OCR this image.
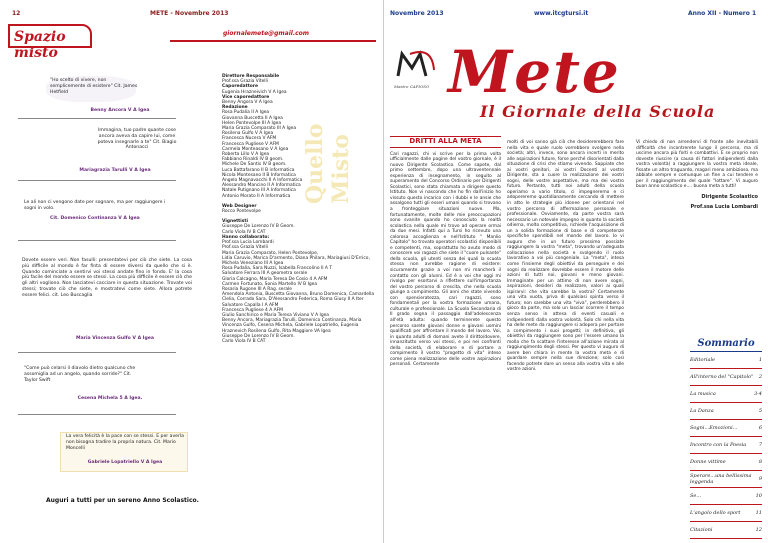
12	METE - Novembre 2013
Spazio misto
giornalemete@gmail.com
"Ho scelto di vivere, non semplicemente di esistere" Cit. James Hetfield
Benny Ancora V A Igea
Immagina, tuo padre quante cose ancora aveva da capire lui, come poteva insegnarle a te" Cit. Biagio Antonacci
Mariagrazia Tarulli V A Igea
Le ali non ci vengono date per sognare, ma per raggiungere i sogni in volo.
Cit. Domenico Continanza V A Igea
Dovete essere veri. Non fasulli: presentatevi per ciò che siete. La cosa più difficile al mondo è far finta di essere diversi da quello che si è. Quando cominciate a sentirvi voi stessi andate fino in fondo. E' la cosa più facile del mondo essere se stessi. La cosa più difficile è essere ciò che gli altri vogliono. Non lasciatevi cacciare in questa situazione. Trovate voi stessi; trovate ciò che siete, e mostratevi come siete. Allora potrete essere felici. cit. Leo Buscaglia
Maria Vincenza Gulfo V A Igea
"Come può celarsi il diavolo dietro qualcuno che assomiglia ad un angelo, quando sorride?" Cit. Taylor Swift
Cesena Michela 5 A Igea.
La vera felicità è la pace con se stessi. E per averla non bisogna tradire la propria natura. Cit. Mario Moncelli
Gabriele Lopatriello V A Igea
Direttore Responsabile
Prof.ssa Grazia Vitelli
Caporedattore
Eugenia Hrazneivich V A Igea
Vice caporedattore
Benny Angora V A Igea
Redazione
Rosa Pudalia II A Igea
Giovanna Buscetta II A Igea
Helen Pontevolpe III A Igea
Maria Grazia Comparato III A Igea
Rosilena Gulfo V A Igea
Francesca Nucera V AFM
Francesca Pugliese V AFM
Carmela Monteasano V A Igea
Roberta Lillo V A Igea
Fabbiano Rinaldi IV B geom.
Michele De Santis IV B geom.
Luca Battafarano II B informatica
Nicola Montesano II B Informatica
Angelo Magnavacchi II A Informatica
Alessandro Mancino II A Informatica
Natale Putignano III A Informatica
Antonio Morato II A Informatica
Web Designer
Rocco Pontevolpe
Vignettisti
Giuseppe De Lorenzo IV B Geom.
Carlo Viola IV B CAT
Hanno collaborato:
Prof.ssa Lucia Lombardi
Prof.ssa Grazia Vitelli
Maria Grazia Comparato, Helen Pontevolpe,
Lidia Caruvio, Marica D'armento, Diana Philara, Mariagiusi D'Errico, Michela Veneziano III A Igea
Rosa Pudalia, Sara Nuzzi, Isabella Francolino II A T
Salvatore Ferrara III A geometra serale
Gloria Calcagno, Maria Teresa De Cosio 4 A AFM
Carmen Fortunato, Sonia Martello IV B Igea
Rosaria Rugone III A Rag. serale
Amendola Antonia, Buscetta Giovanna, Bruno Domenica, Camardella Clelia, Corrado Sara, D'Alessandro Federica, Roma Giusy II A Iter
Salvatore Capalla I A AFM
Francesca Pugliese 4 A AFM
Giulio Sanchirico e Maria Teresa Viviano V A Igea
Benny Ancora, Mariagrazia Tarulli, Domenico Continanza, Maria Vincenza Gulfo, Cesena Michela, Gabriele Lopatriello, Eugenia Hraznevich Rosilena Gulfo, Rita Maggiore VA Igea
Giuseppe De Lorenzo IV B Geom.
Carlo Viola IV B CAT
Quello Misto
Auguri a tutti per un sereno Anno Scolastico.
Novembre 2013	www.itcgtursi.it	Anno XII - Numero 1
Mastro CAPIOSO Mete
Il Giornale della Scuola
DRITTI ALLA META
Cari ragazzi, chi vi scrive per la prima volta ufficialmente dalle pagine del vostro giornale, è il nuovo Dirigente Scolastico. Come sapete, dal primo settembre, dopo una ultraventennale esperienza di insegnamento, in seguito al superamento del Concorso Ordinario per Dirigenti Scolastici, sono stata chiamata a dirigere questo Istituto. Non vi nascondo che ho fin dall'inizio ho vissuto questo incarico con i dubbi e le ansie che assalgono tutti gli esseri umani quando si trovano a fronteggiare situazioni nuove. Ma, fortunatamente, molte delle mie preoccupazioni sono svanite quando ho conosciuto la realtà scolastica nella quale mi trovo ad operare ormai da due mesi. Infatti qui a Tursi ho ricevuto una calorosa accoglienza e nell'Istituto " Manlio Capitolo" ho trovato operatori scolastici disponibili e competenti, ma, soprattutto ho avuto modo di conoscere voi ragazzi che siete il "cuore pulsante" della scuola, gli utenti senza dei quali la scuola stessa non avrebbe ragione di esistere: sicuramente grazie a voi non mi mancherà il contatto con gli alunni. Ed è a voi che oggi mi rivolgo per esortarvi a riflettere sull'importanza del vostro percorso di crescita, che nella scuola giunge a compimento. Gli anni che state vivendo con spensieratezza, cari ragazzi, sono fondamentali per la vostra formazione umana, culturale e professionale. La Scuola Secondaria di II grado segna il passaggio dall'adolescenza all'età adulta: quando terminerete questo percorso sarete giovani donne e giovani uomini qualificati per affrontare il mondo del lavoro. Voi, in quanto adulti di domani avete il diritto/dovere, innanzitutto verso voi stessi, e poi nei confronti della società, di elaborare e di portare a compimento il vostro "progetto di vita" inteso come piena realizzazione delle vostre aspirazioni personali. Certamente
molti di voi sanno già ciò che desidererebbero fare nella vita e quale ruolo vorrebbero svolgere nella società; altri, invece, sono ancora incerti in merito alle aspirazioni future, forse perché disorientati dalla situazione di crisi che stiamo vivendo. Sappiate che ai vostri genitori, ai vostri Docenti al vostro Dirigente, sta a cuore la realizzazione dei vostri sogni, delle vostre aspettative, ma ma dei vostro futuro. Pertanto, tutti noi adulti della scuola operiamo a vario titolo, ci impegneremo e ci adopereremo quotidianamente cercando di mettere in atto le strategie più idonee per orientarvi nel vostro percorso di affermazione personale e professionale. Ovviamente, da parte vostra sarà necessario un notevole impegno in quanto la società odierna, molto competitiva, richiede l'acquisizione di un a solida formazione di base e di competenze specifiche spendibili nel mondo del lavoro. Io vi auguro che in un futuro prossimo possiate raggiungere la vostra "meta", trovando un'adeguata collocazione nella società e svolgendo il ruolo lavorativo a voi più congeniale. La "meta", intesa come l'insieme degli obiettivi da perseguire e dei sogni da realizzare dovrebbe essere il motore delle azioni di tutti noi, giovani e meno giovani. Immaginate per un attimo di non avere sogni, aspirazioni, desideri da realizzare, valori ai quali ispirarvi: che vita sarebbe la vostra? Certamente una vita vuota, priva di qualsiasi spinta verso il futuro; non sarebbe una vita "viva", perderebbero il gioco da parte, ma solo un lasciar scorrere il tempo senza senso in attesa di eventi casuali e indipendenti dalla vostra volontà. Solo chi nella vita ha delle mete da raggiungere si adopera per portare a compimento i suoi progetti; in definitiva, gli obiettivi da raggiungere sono per l'essere umano la molla che fa scattare l'interesse all'azione mirata al raggiungimento degli stessi. Per questo vi auguro di avere ben chiara in mente la vostra meta e di guardare sempre nella sue direzione; solo così facendo potrete dare un senso alla vostra vita e alle vostre azioni.
Vi chiedo di non arrendervi di fronte alle inevitabili difficoltà che incontrerete lungo il percorso, ma di uscirne ancora più forti e combattivi. E se proprio non doveste riuscire (a causa di fattori indipendenti dalla vostra volontà) a raggiungere la vostra meta ideale, fissate un altro traguardo, magari meno ambizioso, ma abbiate sempre e comunque un fine a cui tendere e per il raggiungimento del quale "lottare". Vi auguro buon anno scolastico e.... buona meta a tutti!
Dirigente Scolastico
Prof.ssa Lucia Lombardi
Sommario
Editoriale	1
All'interno del "Capitolo" 2
La musica	3-4
La Danza	5
Sogni...Emozioni...	6
Incontro con la Poesia	7
Donne vittime	8
Sperare...una bellissima leggenda	9
Se...	10
L'angolo dello sport	11
Citazioni	12
